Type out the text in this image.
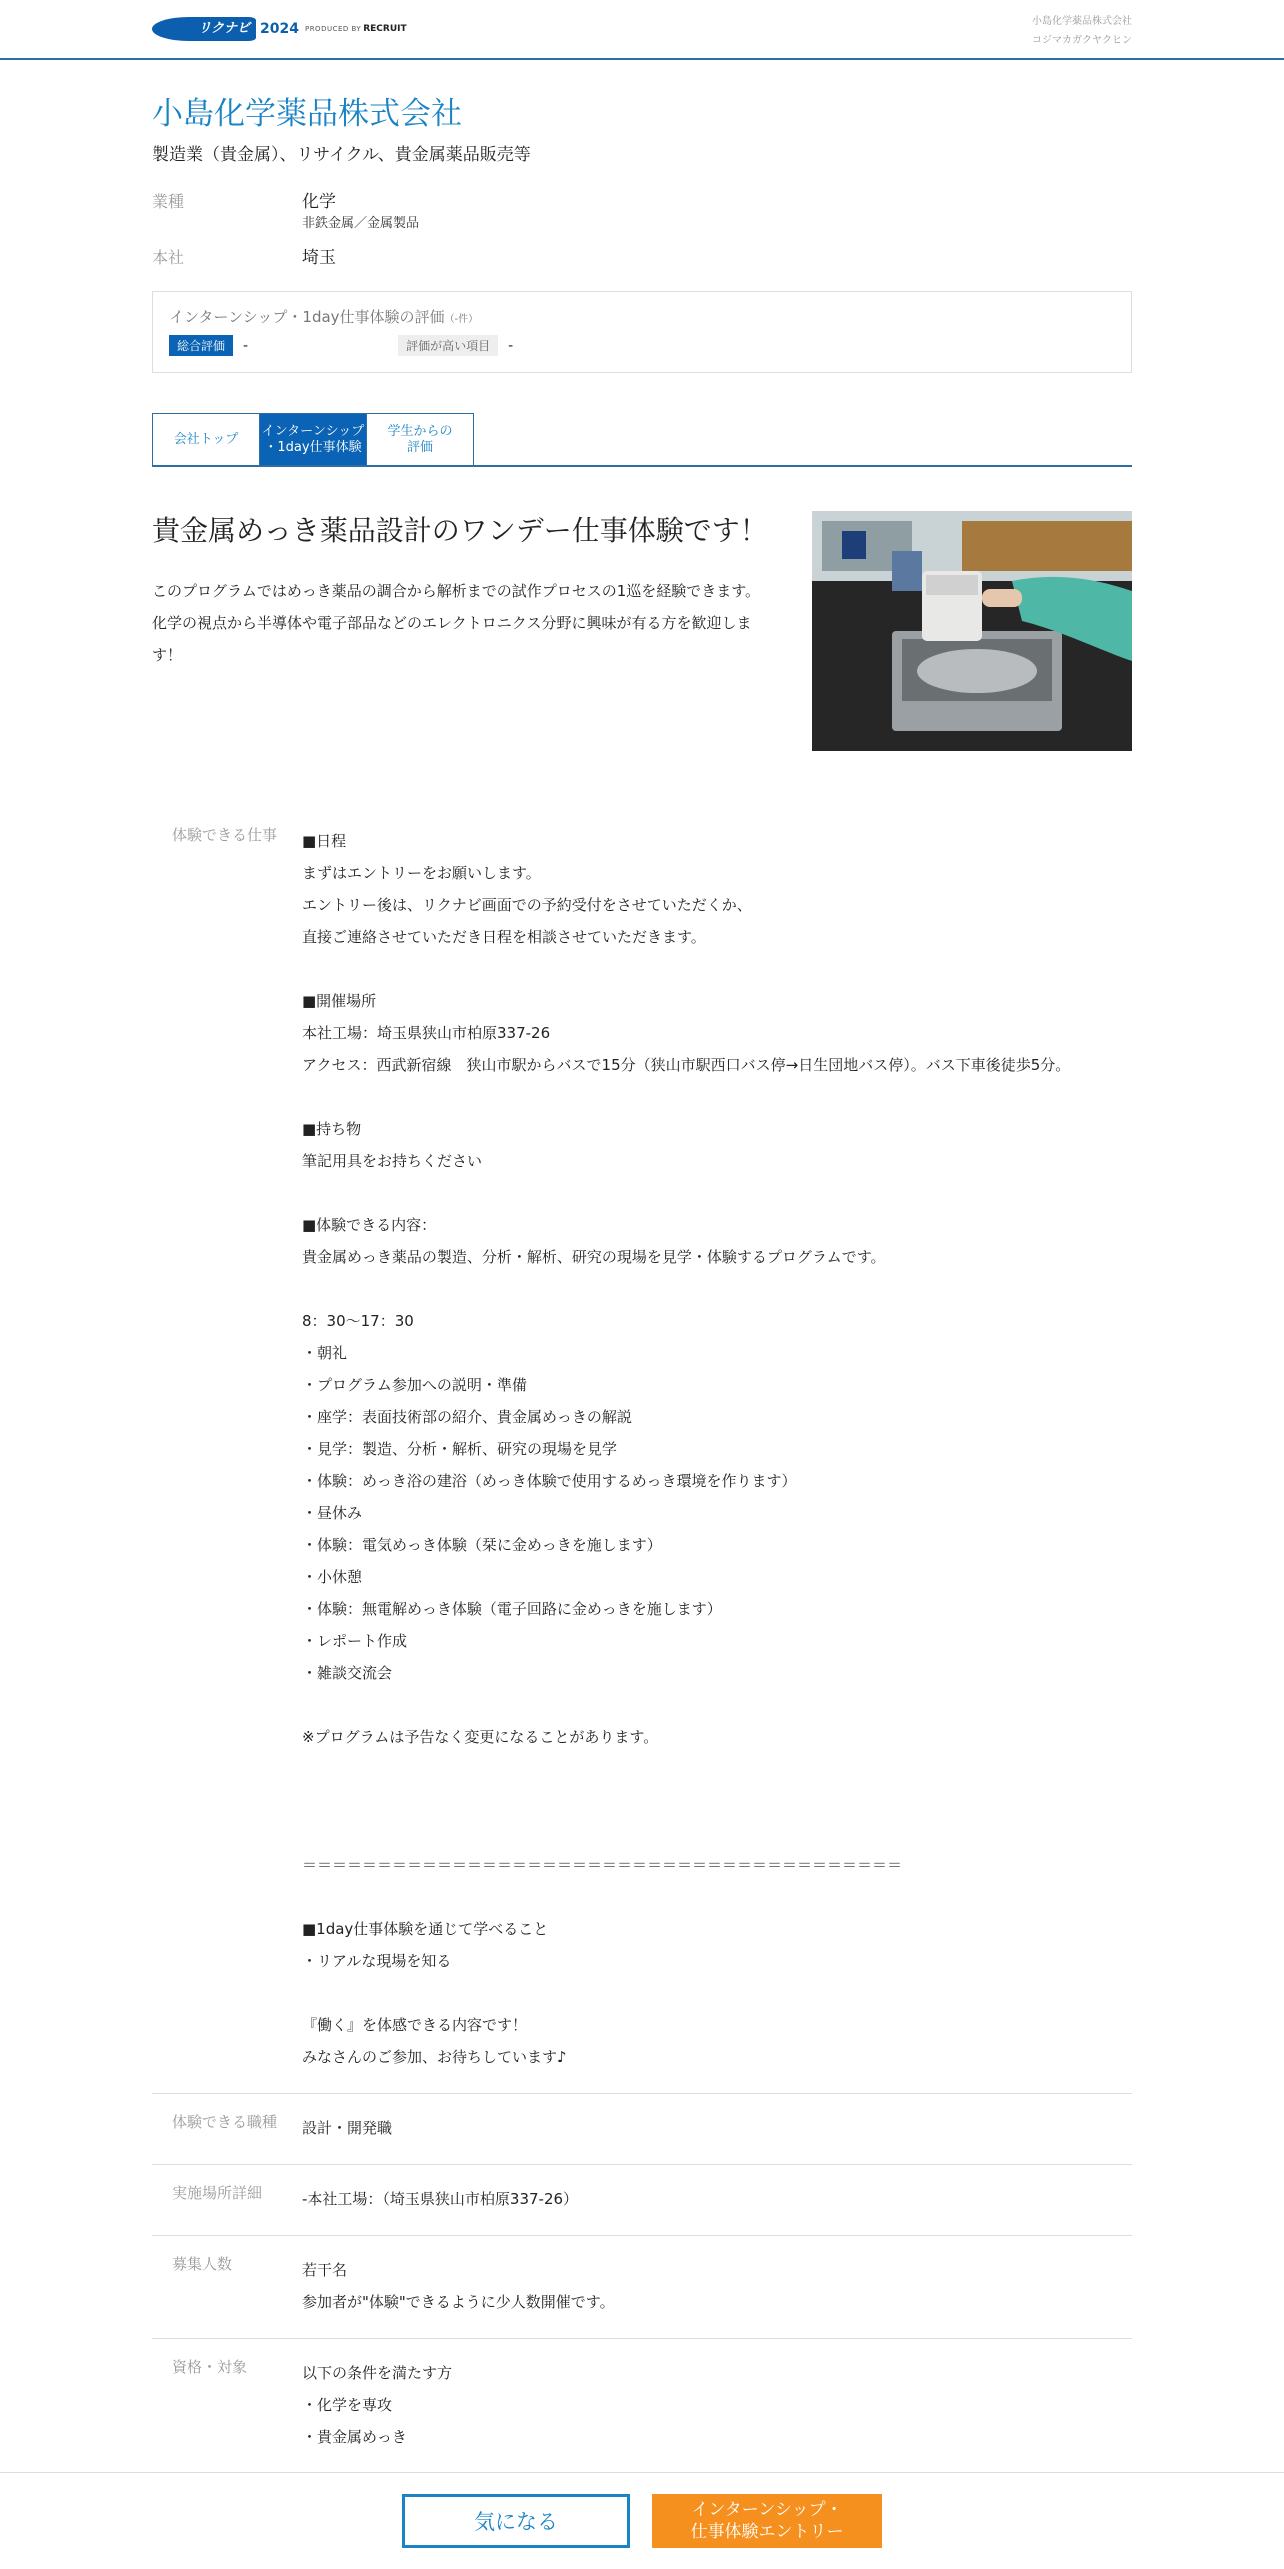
リクナビ 2024 PRODUCED BY RECRUIT
小島化学薬品株式会社
コジマカガクヤクヒン
小島化学薬品株式会社
製造業（貴金属）、リサイクル、貴金属薬品販売等
業種	化学
非鉄金属／金属製品
本社	埼玉
インターンシップ・1day仕事体験の評価（-件）
総合評価	-	評価が高い項目	-
会社トップ
インターンシップ
・1day仕事体験
学生からの
評価
貴金属めっき薬品設計のワンデー仕事体験です！
このプログラムではめっき薬品の調合から解析までの試作プロセスの1巡を経験できます。化学の視点から半導体や電子部品などのエレクトロニクス分野に興味が有る方を歓迎します！
体験できる仕事	■日程
まずはエントリーをお願いします。
エントリー後は、リクナビ画面での予約受付をさせていただくか、
直接ご連絡させていただき日程を相談させていただきます。

■開催場所
本社工場：埼玉県狭山市柏原337-26
アクセス：西武新宿線　狭山市駅からバスで15分（狭山市駅西口バス停→日生団地バス停）。バス下車後徒歩5分。

■持ち物
筆記用具をお持ちください

■体験できる内容：
貴金属めっき薬品の製造、分析・解析、研究の現場を見学・体験するプログラムです。

8：30～17：30
・朝礼
・プログラム参加への説明・準備
・座学：表面技術部の紹介、貴金属めっきの解説
・見学：製造、分析・解析、研究の現場を見学
・体験：めっき浴の建浴（めっき体験で使用するめっき環境を作ります）
・昼休み
・体験：電気めっき体験（栞に金めっきを施します）
・小休憩
・体験：無電解めっき体験（電子回路に金めっきを施します）
・レポート作成
・雑談交流会

※プログラムは予告なく変更になることがあります。

＝＝＝＝＝＝＝＝＝＝＝＝＝＝＝＝＝＝＝＝＝＝＝＝＝＝＝＝＝＝＝＝＝＝＝＝＝＝＝＝

■1day仕事体験を通じて学べること
・リアルな現場を知る

『働く』を体感できる内容です！
みなさんのご参加、お待ちしています♪
体験できる職種	設計・開発職
実施場所詳細	-本社工場：（埼玉県狭山市柏原337-26）
募集人数	若干名
参加者が"体験"できるように少人数開催です。
資格・対象	以下の条件を満たす方
・化学を専攻
・貴金属めっき
気になる	インターンシップ・
仕事体験エントリー
